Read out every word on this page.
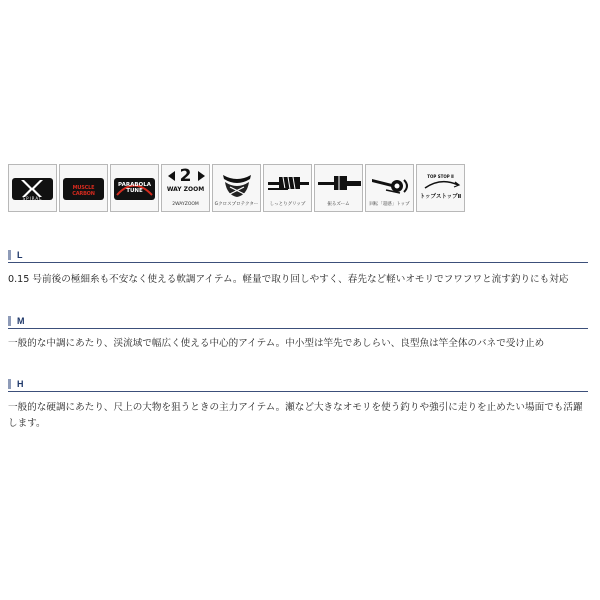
SPIRAL
MUSCLE CARBON
PARABOLA
TUNE
2
WAY ZOOM
2WAYZOOM	Gクロスプロテクター	しっとりグリップ	振るズーム	回転「超感」トップ
TOP STOP Ⅱ
トップストップⅡ
L

0.15 号前後の極細糸も不安なく使える軟調アイテム。軽量で取り回しやすく、春先など軽いオモリでフワフワと流す釣りにも対応

M

一般的な中調にあたり、渓流域で幅広く使える中心的アイテム。中小型は竿先であしらい、良型魚は竿全体のバネで受け止め

H

一般的な硬調にあたり、尺上の大物を狙うときの主力アイテム。瀬など大きなオモリを使う釣りや強引に走りを止めたい場面でも活躍します。
